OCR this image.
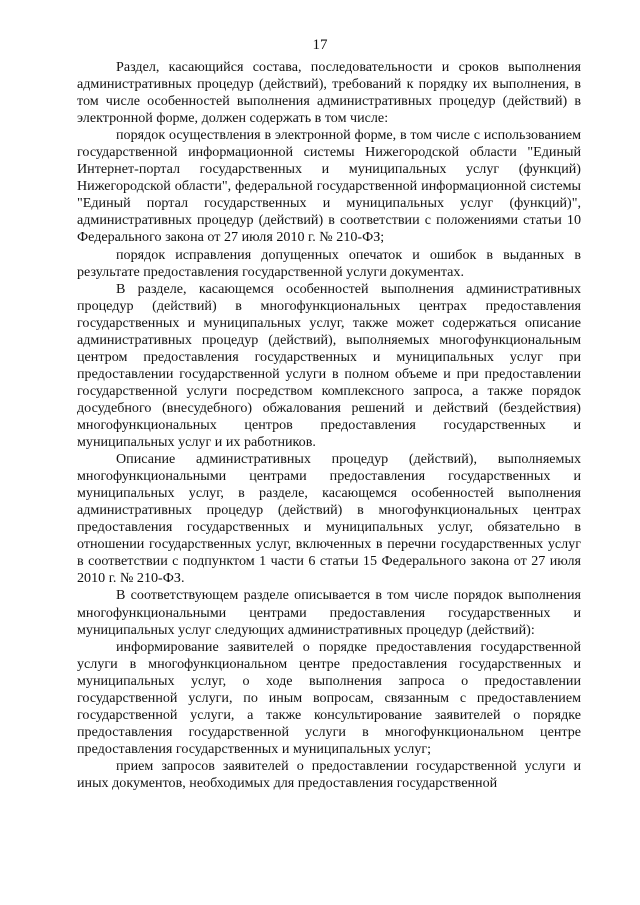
17

Раздел, касающийся состава, последовательности и сроков выполнения административных процедур (действий), требований к порядку их выполнения, в том числе особенностей выполнения административных процедур (действий) в электронной форме, должен содержать в том числе:

порядок осуществления в электронной форме, в том числе с использованием государственной информационной системы Нижегородской области "Единый Интернет-портал государственных и муниципальных услуг (функций) Нижегородской области", федеральной государственной информационной системы "Единый портал государственных и муниципальных услуг (функций)", административных процедур (действий) в соответствии с положениями статьи 10 Федерального закона от 27 июля 2010 г. № 210-ФЗ;

порядок исправления допущенных опечаток и ошибок в выданных в результате предоставления государственной услуги документах.

В разделе, касающемся особенностей выполнения административных процедур (действий) в многофункциональных центрах предоставления государственных и муниципальных услуг, также может содержаться описание административных процедур (действий), выполняемых многофункциональным центром предоставления государственных и муниципальных услуг при предоставлении государственной услуги в полном объеме и при предоставлении государственной услуги посредством комплексного запроса, а также порядок досудебного (внесудебного) обжалования решений и действий (бездействия) многофункциональных центров предоставления государственных и муниципальных услуг и их работников.

Описание административных процедур (действий), выполняемых многофункциональными центрами предоставления государственных и муниципальных услуг, в разделе, касающемся особенностей выполнения административных процедур (действий) в многофункциональных центрах предоставления государственных и муниципальных услуг, обязательно в отношении государственных услуг, включенных в перечни государственных услуг в соответствии с подпунктом 1 части 6 статьи 15 Федерального закона от 27 июля 2010 г. № 210-ФЗ.

В соответствующем разделе описывается в том числе порядок выполнения многофункциональными центрами предоставления государственных и муниципальных услуг следующих административных процедур (действий):

информирование заявителей о порядке предоставления государственной услуги в многофункциональном центре предоставления государственных и муниципальных услуг, о ходе выполнения запроса о предоставлении государственной услуги, по иным вопросам, связанным с предоставлением государственной услуги, а также консультирование заявителей о порядке предоставления государственной услуги в многофункциональном центре предоставления государственных и муниципальных услуг;

прием запросов заявителей о предоставлении государственной услуги и иных документов, необходимых для предоставления государственной
